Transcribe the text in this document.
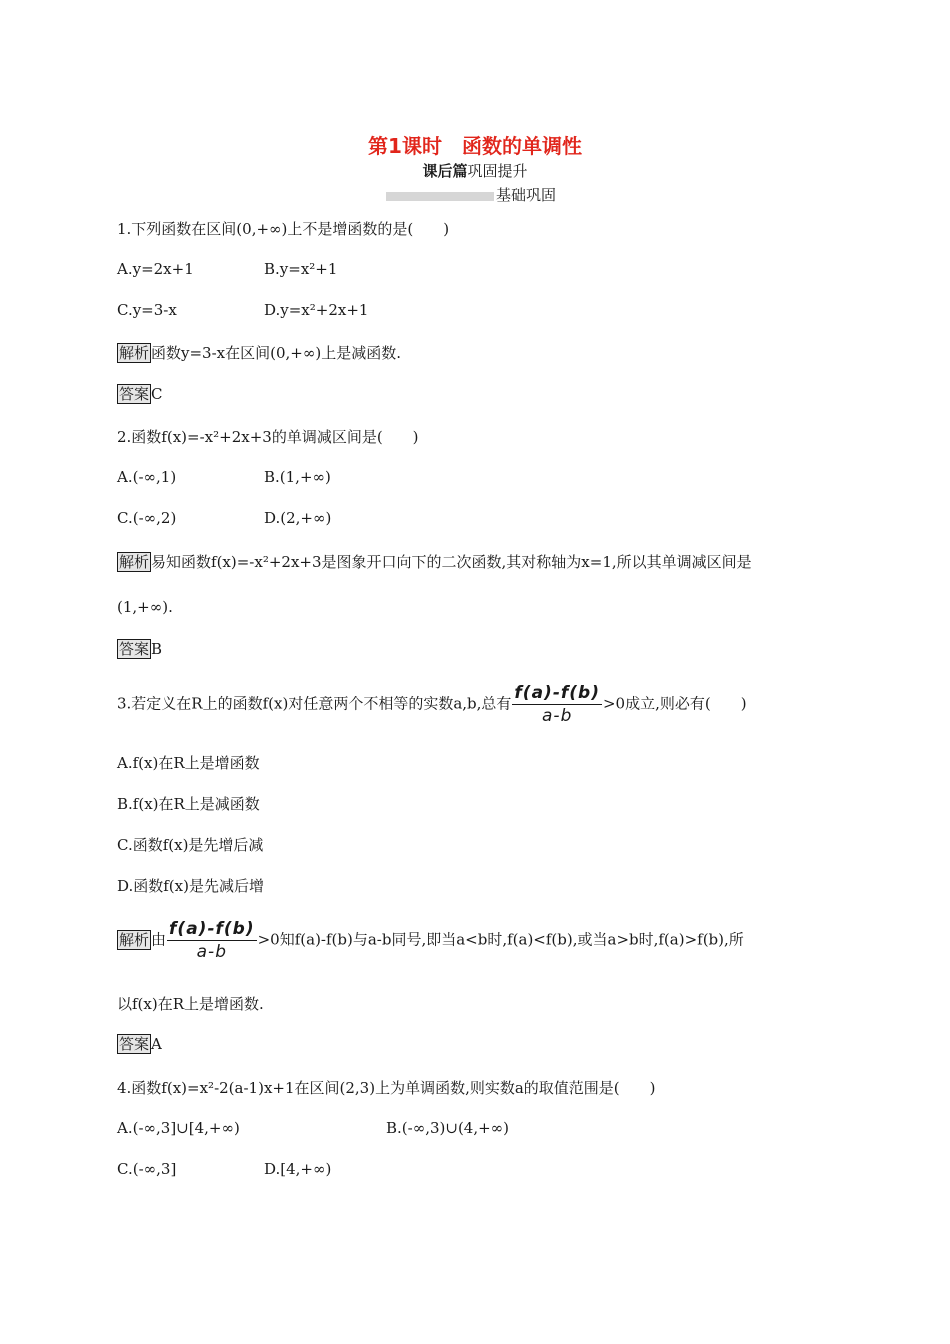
第1课时　函数的单调性
课后篇巩固提升
基础巩固
1.下列函数在区间(0,+∞)上不是增函数的是(　　)
A.y=2x+1	B.y=x²+1
C.y=3-x	D.y=x²+2x+1
解析 函数y=3-x在区间(0,+∞)上是减函数.
答案 C
2.函数f(x)=-x²+2x+3的单调减区间是(　　)
A.(-∞,1)	B.(1,+∞)
C.(-∞,2)	D.(2,+∞)
解析 易知函数f(x)=-x²+2x+3是图象开口向下的二次函数,其对称轴为x=1,所以其单调减区间是
(1,+∞).
答案 B
3.若定义在R上的函数f(x)对任意两个不相等的实数a,b,总有 $\frac{f(a)-f(b)}{a-b} >0$成立,则必有(　　)
A.f(x)在R上是增函数
B.f(x)在R上是减函数
C.函数f(x)是先增后减
D.函数f(x)是先减后增
解析 由 $\frac{f(a)-f(b)}{a-b} >0$知f(a)-f(b)与a-b同号,即当a<b时,f(a)<f(b),或当a>b时,f(a)>f(b),所
以f(x)在R上是增函数.
答案 A
4.函数f(x)=x²-2(a-1)x+1在区间(2,3)上为单调函数,则实数a的取值范围是(　　)
A.(-∞,3]∪[4,+∞)	B.(-∞,3)∪(4,+∞)
C.(-∞,3]	D.[4,+∞)
